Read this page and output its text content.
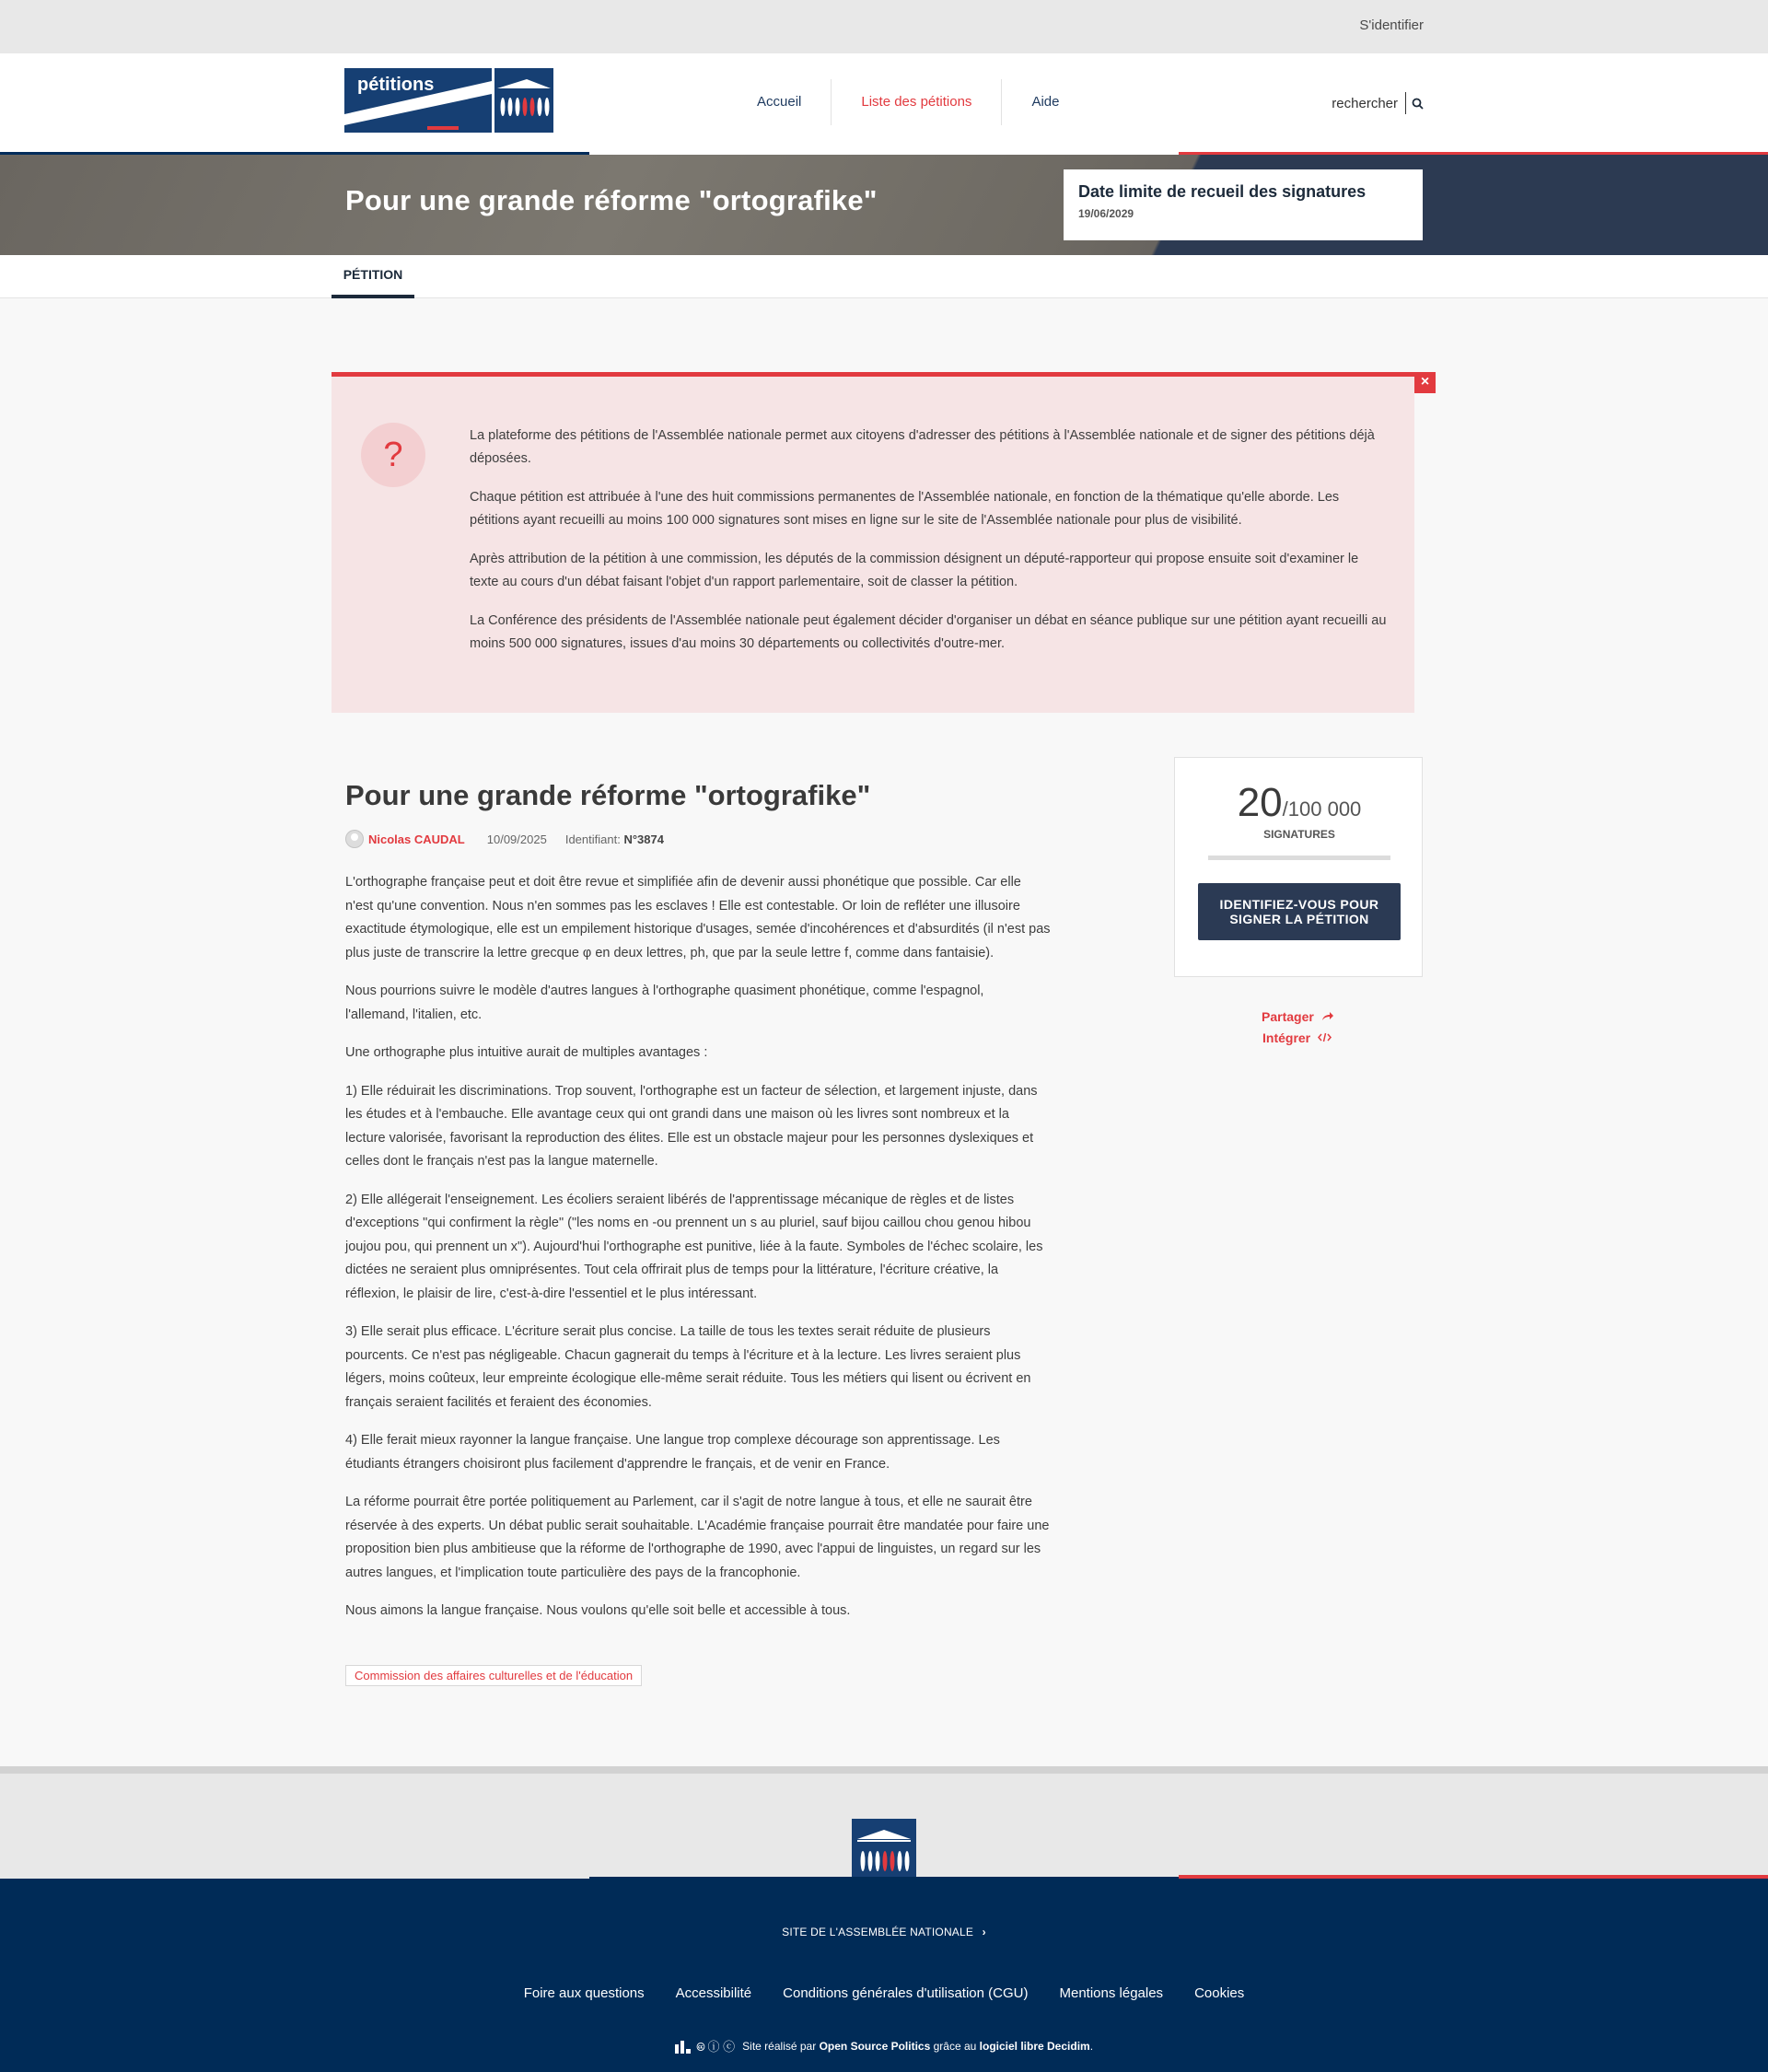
S'identifier
pétitions
Accueil	Liste des pétitions	Aide	rechercher
Pour une grande réforme "ortografike"	Date limite de recueil des signatures
19/06/2029
PÉTITION
?	La plateforme des pétitions de l'Assemblée nationale permet aux citoyens d'adresser des pétitions à l'Assemblée nationale et de signer des pétitions déjà déposées.

Chaque pétition est attribuée à l'une des huit commissions permanentes de l'Assemblée nationale, en fonction de la thématique qu'elle aborde. Les pétitions ayant recueilli au moins 100 000 signatures sont mises en ligne sur le site de l'Assemblée nationale pour plus de visibilité.

Après attribution de la pétition à une commission, les députés de la commission désignent un député-rapporteur qui propose ensuite soit d'examiner le texte au cours d'un débat faisant l'objet d'un rapport parlementaire, soit de classer la pétition.

La Conférence des présidents de l'Assemblée nationale peut également décider d'organiser un débat en séance publique sur une pétition ayant recueilli au moins 500 000 signatures, issues d'au moins 30 départements ou collectivités d'outre-mer.

×
Pour une grande réforme "ortografike"
Nicolas CAUDAL 10/09/2025 Identifiant: N°3874

L'orthographe française peut et doit être revue et simplifiée afin de devenir aussi phonétique que possible. Car elle n'est qu'une convention. Nous n'en sommes pas les esclaves ! Elle est contestable. Or loin de refléter une illusoire exactitude étymologique, elle est un empilement historique d'usages, semée d'incohérences et d'absurdités (il n'est pas plus juste de transcrire la lettre grecque φ en deux lettres, ph, que par la seule lettre f, comme dans fantaisie).

Nous pourrions suivre le modèle d'autres langues à l'orthographe quasiment phonétique, comme l'espagnol, l'allemand, l'italien, etc.

Une orthographe plus intuitive aurait de multiples avantages :

1) Elle réduirait les discriminations. Trop souvent, l'orthographe est un facteur de sélection, et largement injuste, dans les études et à l'embauche. Elle avantage ceux qui ont grandi dans une maison où les livres sont nombreux et la lecture valorisée, favorisant la reproduction des élites. Elle est un obstacle majeur pour les personnes dyslexiques et celles dont le français n'est pas la langue maternelle.

2) Elle allégerait l'enseignement. Les écoliers seraient libérés de l'apprentissage mécanique de règles et de listes d'exceptions "qui confirment la règle" ("les noms en -ou prennent un s au pluriel, sauf bijou caillou chou genou hibou joujou pou, qui prennent un x"). Aujourd'hui l'orthographe est punitive, liée à la faute. Symboles de l'échec scolaire, les dictées ne seraient plus omniprésentes. Tout cela offrirait plus de temps pour la littérature, l'écriture créative, la réflexion, le plaisir de lire, c'est-à-dire l'essentiel et le plus intéressant.

3) Elle serait plus efficace. L'écriture serait plus concise. La taille de tous les textes serait réduite de plusieurs pourcents. Ce n'est pas négligeable. Chacun gagnerait du temps à l'écriture et à la lecture. Les livres seraient plus légers, moins coûteux, leur empreinte écologique elle-même serait réduite. Tous les métiers qui lisent ou écrivent en français seraient facilités et feraient des économies.

4) Elle ferait mieux rayonner la langue française. Une langue trop complexe décourage son apprentissage. Les étudiants étrangers choisiront plus facilement d'apprendre le français, et de venir en France.

La réforme pourrait être portée politiquement au Parlement, car il s'agit de notre langue à tous, et elle ne saurait être réservée à des experts. Un débat public serait souhaitable. L'Académie française pourrait être mandatée pour faire une proposition bien plus ambitieuse que la réforme de l'orthographe de 1990, avec l'appui de linguistes, un regard sur les autres langues, et l'implication toute particulière des pays de la francophonie.

Nous aimons la langue française. Nous voulons qu'elle soit belle et accessible à tous.

Commission des affaires culturelles et de l'éducation
20/100 000
SIGNATURES
IDENTIFIEZ-VOUS POUR
SIGNER LA PÉTITION
Partager
Intégrer
SITE DE L'ASSEMBLÉE NATIONALE ›
Foire aux questions Accessibilité Conditions générales d'utilisation (CGU) Mentions légales Cookies
🅭 ⓘ ⓒ Site réalisé par
Open Source Politics
grâce au
logiciel libre Decidim .
